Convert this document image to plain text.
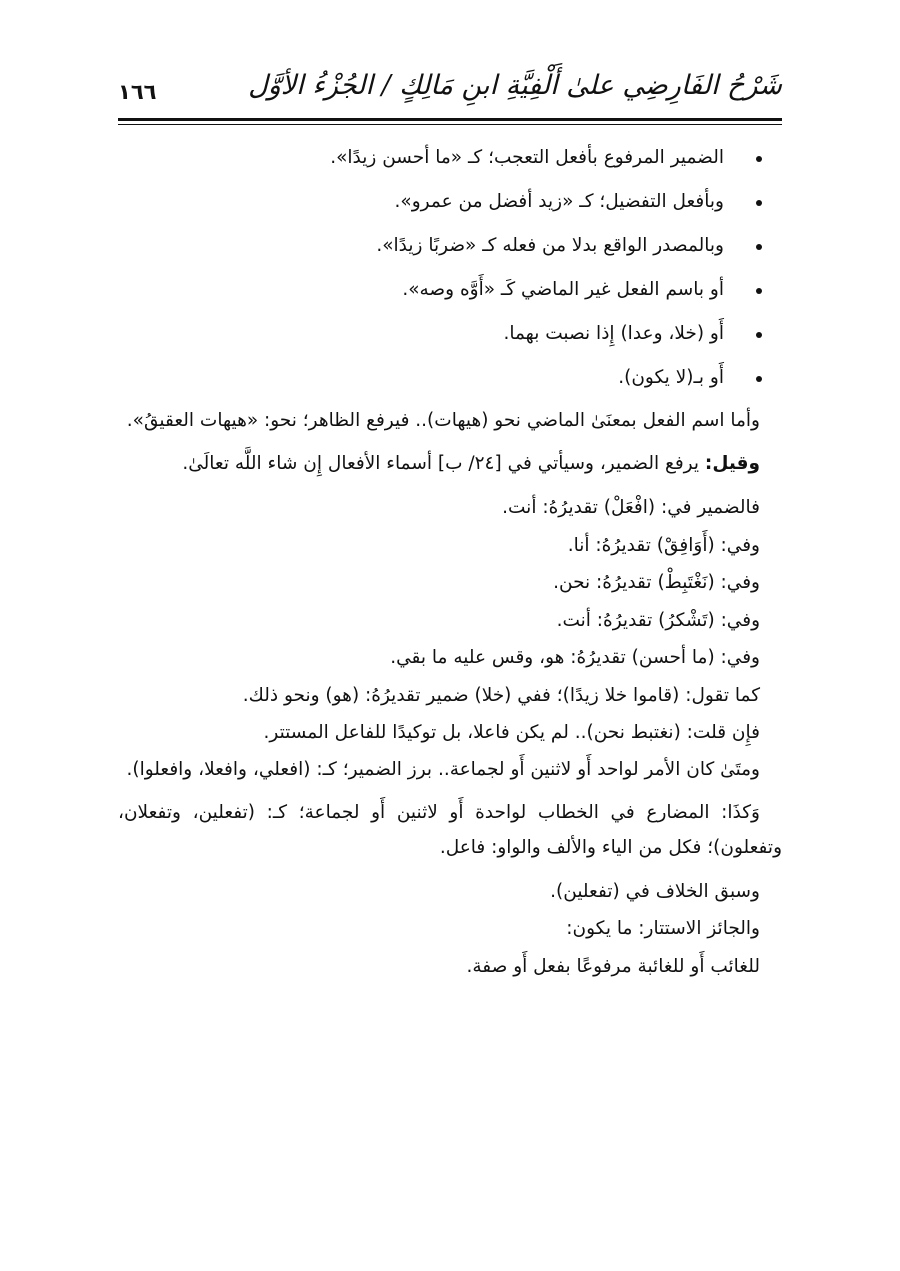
شَرْحُ الفَارِضِي علىٰ أَلْفِيَّةِ ابنِ مَالِكٍ / الجُزْءُ الأوَّل
١٦٦
الضمير المرفوع بأفعل التعجب؛ كـ «ما أحسن زيدًا».
وبأفعل التفضيل؛ كـ «زيد أفضل من عمرو».
وبالمصدر الواقع بدلا من فعله كـ «ضربًا زيدًا».
أو باسم الفعل غير الماضي كَـ «أَوَّه وصه».
أَو (خلا، وعدا) إِذا نصبت بهما.
أَو بـ(لا يكون).

وأما اسم الفعل بمعنَىٰ الماضي نحو (هيهات).. فيرفع الظاهر؛ نحو: «هيهات العقيقُ».

وقيل: يرفع الضمير، وسيأتي في [٢٤/ ب] أسماء الأفعال إِن شاء اللَّه تعالَىٰ.

فالضمير في: (افْعَلْ) تقديرُهُ: أنت.

وفي: (أَوَافِقْ) تقديرُهُ: أنا.

وفي: (نَغْتَبِطْ) تقديرُهُ: نحن.

وفي: (تَشْكرُ) تقديرُهُ: أنت.

وفي: (ما أحسن) تقديرُهُ: هو، وقس عليه ما بقي.

كما تقول: (قاموا خلا زيدًا)؛ ففي (خلا) ضمير تقديرُهُ: (هو) ونحو ذلك.

فإِن قلت: (نغتبط نحن).. لم يكن فاعلا، بل توكيدًا للفاعل المستتر.

ومتَىٰ كان الأمر لواحد أَو لاثنين أَو لجماعة.. برز الضمير؛ كـ: (افعلي، وافعلا، وافعلوا).

وَكذَا: المضارع في الخطاب لواحدة أَو لاثنين أَو لجماعة؛ كـ: (تفعلين، وتفعلان، وتفعلون)؛ فكل من الياء والألف والواو: فاعل.

وسبق الخلاف في (تفعلين).

والجائز الاستتار: ما يكون:

للغائب أَو للغائبة مرفوعًا بفعل أَو صفة.
